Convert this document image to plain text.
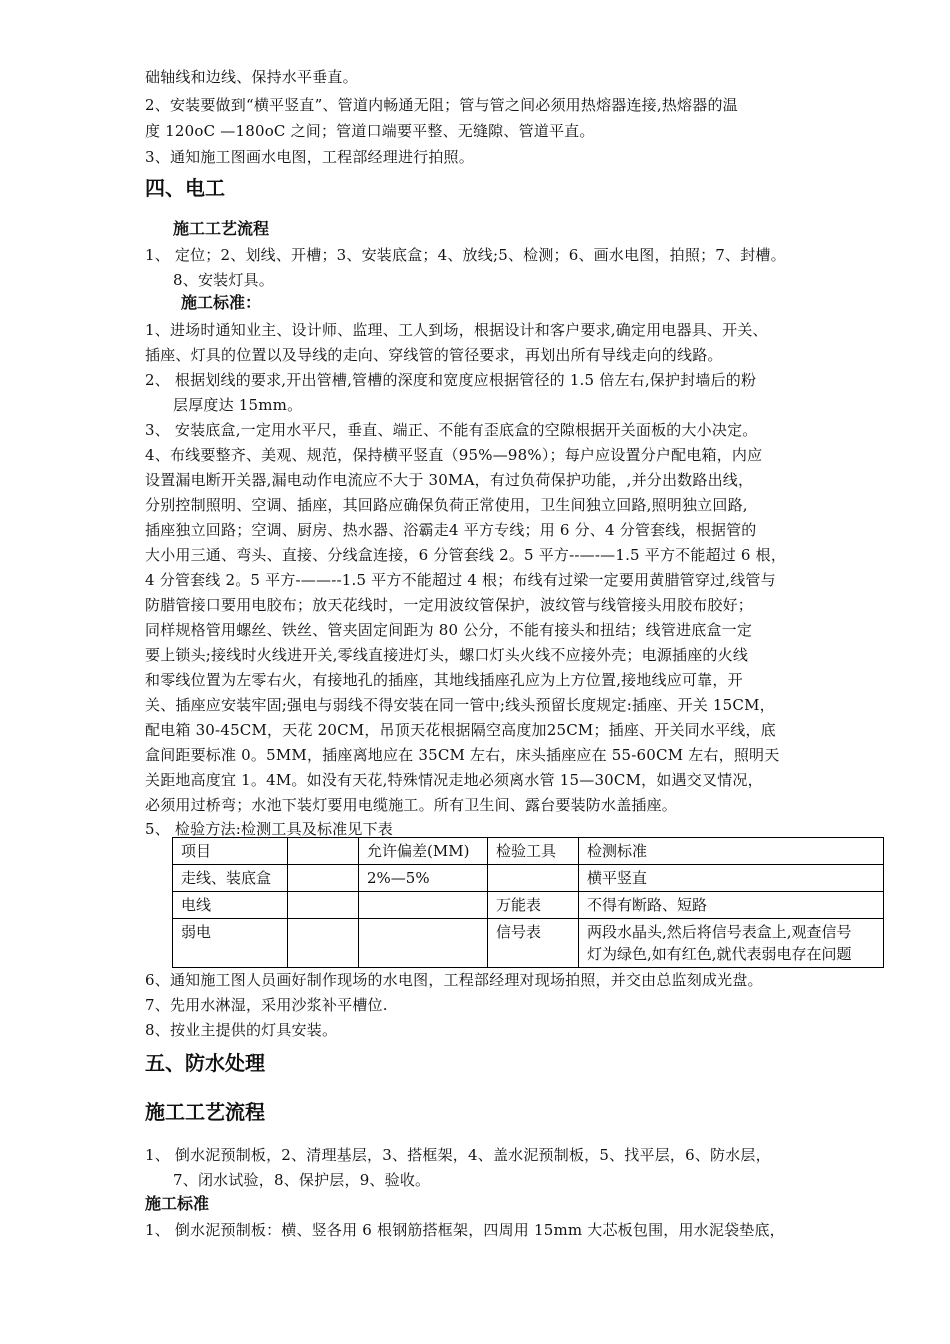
础轴线和边线、保持水平垂直。
2、安装要做到“横平竖直”、管道内畅通无阻；管与管之间必须用热熔器连接,热熔器的温
度 120oC —180oC 之间；管道口端要平整、无缝隙、管道平直。
3、通知施工图画水电图，工程部经理进行拍照。
四、电工
施工工艺流程
1、 定位；2、划线、开槽；3、安装底盒；4、放线;5、检测；6、画水电图，拍照；7、封槽。
8、安装灯具。
施工标准：
1、进场时通知业主、设计师、监理、工人到场，根据设计和客户要求,确定用电器具、开关、
插座、灯具的位置以及导线的走向、穿线管的管径要求，再划出所有导线走向的线路。
2、 根据划线的要求,开出管槽,管槽的深度和宽度应根据管径的 1.5 倍左右,保护封墙后的粉
层厚度达 15mm。
3、 安装底盒,一定用水平尺，垂直、端正、不能有歪底盒的空隙根据开关面板的大小决定。
4、布线要整齐、美观、规范，保持横平竖直（95%—98%）；每户应设置分户配电箱，内应
设置漏电断开关器,漏电动作电流应不大于 30MA，有过负荷保护功能，,并分出数路出线，
分别控制照明、空调、插座，其回路应确保负荷正常使用，卫生间独立回路,照明独立回路,
插座独立回路；空调、厨房、热水器、浴霸走4 平方专线；用 6 分、4 分管套线，根据管的
大小用三通、弯头、直接、分线盒连接，6 分管套线 2。5 平方--—-—1.5 平方不能超过 6 根，
4 分管套线 2。5 平方-——--1.5 平方不能超过 4 根；布线有过梁一定要用黄腊管穿过,线管与
防腊管接口要用电胶布；放天花线时，一定用波纹管保护，波纹管与线管接头用胶布胶好；
同样规格管用螺丝、铁丝、管夹固定间距为 80 公分，不能有接头和扭结；线管进底盒一定
要上锁头;接线时火线进开关,零线直接进灯头，螺口灯头火线不应接外壳；电源插座的火线
和零线位置为左零右火，有接地孔的插座，其地线插座孔应为上方位置,接地线应可靠，开
关、插座应安装牢固;强电与弱线不得安装在同一管中;线头预留长度规定:插座、开关 15CM，
配电箱 30-45CM，天花 20CM，吊顶天花根据隔空高度加25CM；插座、开关同水平线，底
盒间距要标准 0。5MM，插座离地应在 35CM 左右，床头插座应在 55-60CM 左右，照明天
关距地高度宜 1。4M。如没有天花,特殊情况走地必须离水管 15—30CM，如遇交叉情况，
必须用过桥弯；水池下装灯要用电缆施工。所有卫生间、露台要装防水盖插座。
5、 检验方法:检测工具及标准见下表
项目		允许偏差(MM)	检验工具	检测标准
走线、装底盒		2%—5%		横平竖直
电线			万能表	不得有断路、短路
弱电			信号表	两段水晶头,然后将信号表盒上,观查信号
灯为绿色,如有红色,就代表弱电存在问题
6、通知施工图人员画好制作现场的水电图，工程部经理对现场拍照，并交由总监刻成光盘。
7、先用水淋湿，采用沙浆补平槽位.
8、按业主提供的灯具安装。
五、防水处理
施工工艺流程
1、 倒水泥预制板，2、清理基层，3、搭框架，4、盖水泥预制板，5、找平层，6、防水层，
7、闭水试验，8、保护层，9、验收。
施工标准
1、 倒水泥预制板：横、竖各用 6 根钢筋搭框架，四周用 15mm 大芯板包围，用水泥袋垫底，
